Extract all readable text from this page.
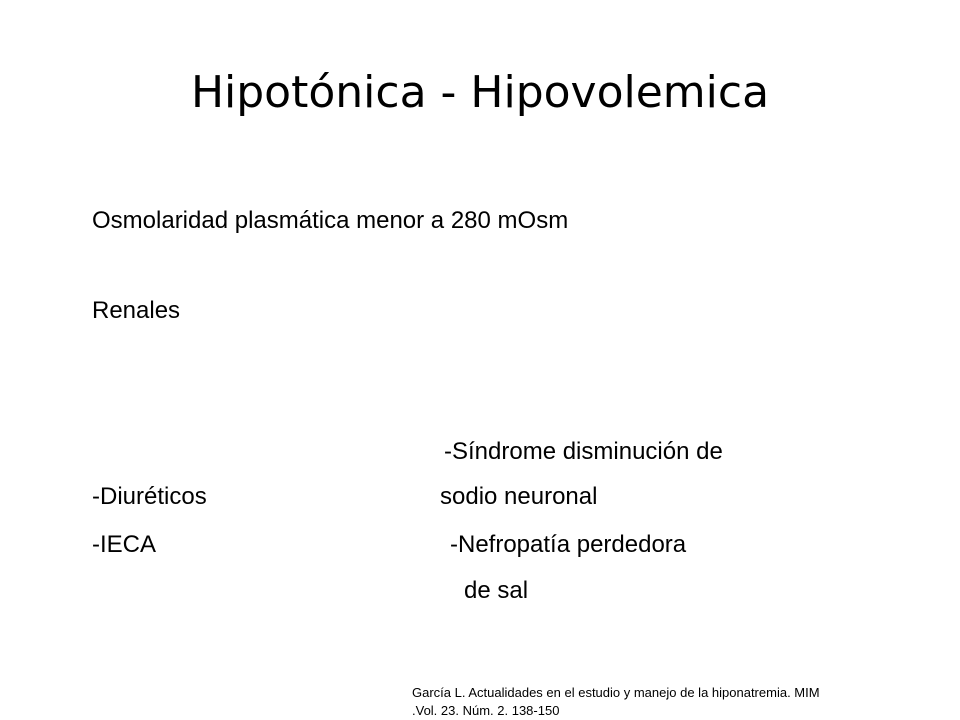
Hipotónica - Hipovolemica
Osmolaridad plasmática menor a 280 mOsm
Renales
-Síndrome disminución de
-Diuréticos	sodio neuronal
-IECA	-Nefropatía perdedora
de sal
García L. Actualidades en el estudio y manejo de la hiponatremia. MIM
.Vol. 23. Núm. 2. 138-150
